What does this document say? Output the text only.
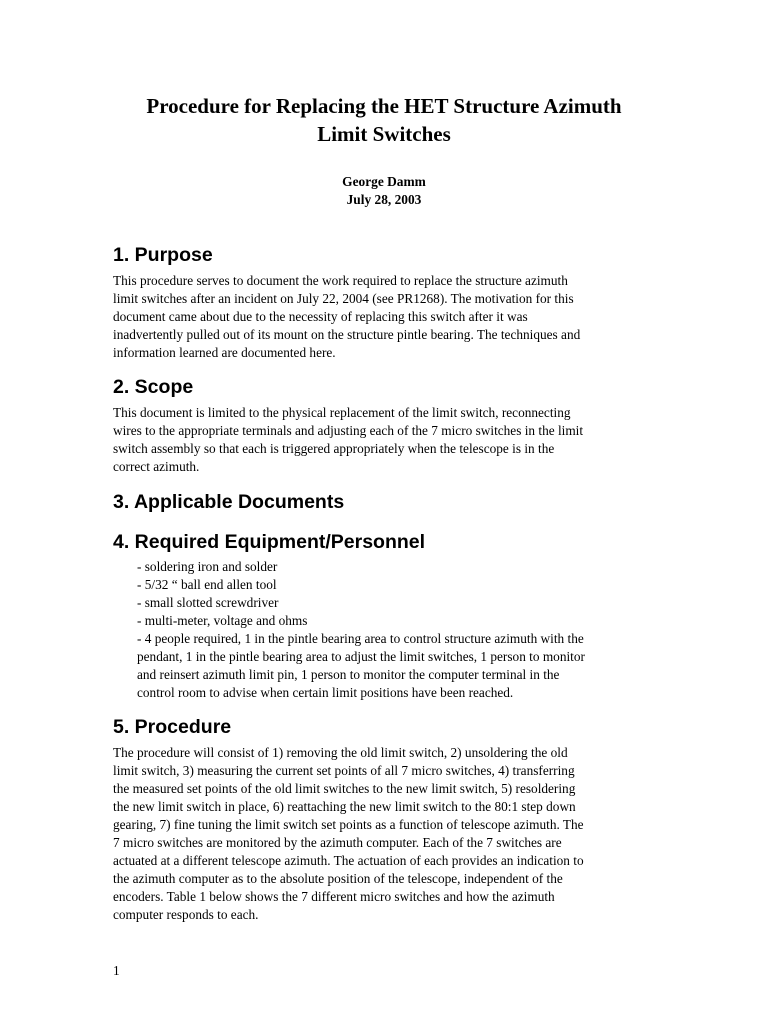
Procedure for Replacing the HET Structure Azimuth
Limit Switches
George Damm
July 28, 2003
1. Purpose
This procedure serves to document the work required to replace the structure azimuth
limit switches after an incident on July 22, 2004 (see PR1268). The motivation for this
document came about due to the necessity of replacing this switch after it was
inadvertently pulled out of its mount on the structure pintle bearing. The techniques and
information learned are documented here.
2. Scope
This document is limited to the physical replacement of the limit switch, reconnecting
wires to the appropriate terminals and adjusting each of the 7 micro switches in the limit
switch assembly so that each is triggered appropriately when the telescope is in the
correct azimuth.
3. Applicable Documents
4. Required Equipment/Personnel
- soldering iron and solder
- 5/32 “ ball end allen tool
- small slotted screwdriver
- multi-meter, voltage and ohms
- 4 people required, 1 in the pintle bearing area to control structure azimuth with the
pendant, 1 in the pintle bearing area to adjust the limit switches, 1 person to monitor
and reinsert azimuth limit pin, 1 person to monitor the computer terminal in the
control room to advise when certain limit positions have been reached.
5. Procedure
The procedure will consist of 1) removing the old limit switch, 2) unsoldering the old
limit switch, 3) measuring the current set points of all 7 micro switches, 4) transferring
the measured set points of the old limit switches to the new limit switch, 5) resoldering
the new limit switch in place, 6) reattaching the new limit switch to the 80:1 step down
gearing, 7) fine tuning the limit switch set points as a function of telescope azimuth. The
7 micro switches are monitored by the azimuth computer. Each of the 7 switches are
actuated at a different telescope azimuth. The actuation of each provides an indication to
the azimuth computer as to the absolute position of the telescope, independent of the
encoders. Table 1 below shows the 7 different micro switches and how the azimuth
computer responds to each.
1
